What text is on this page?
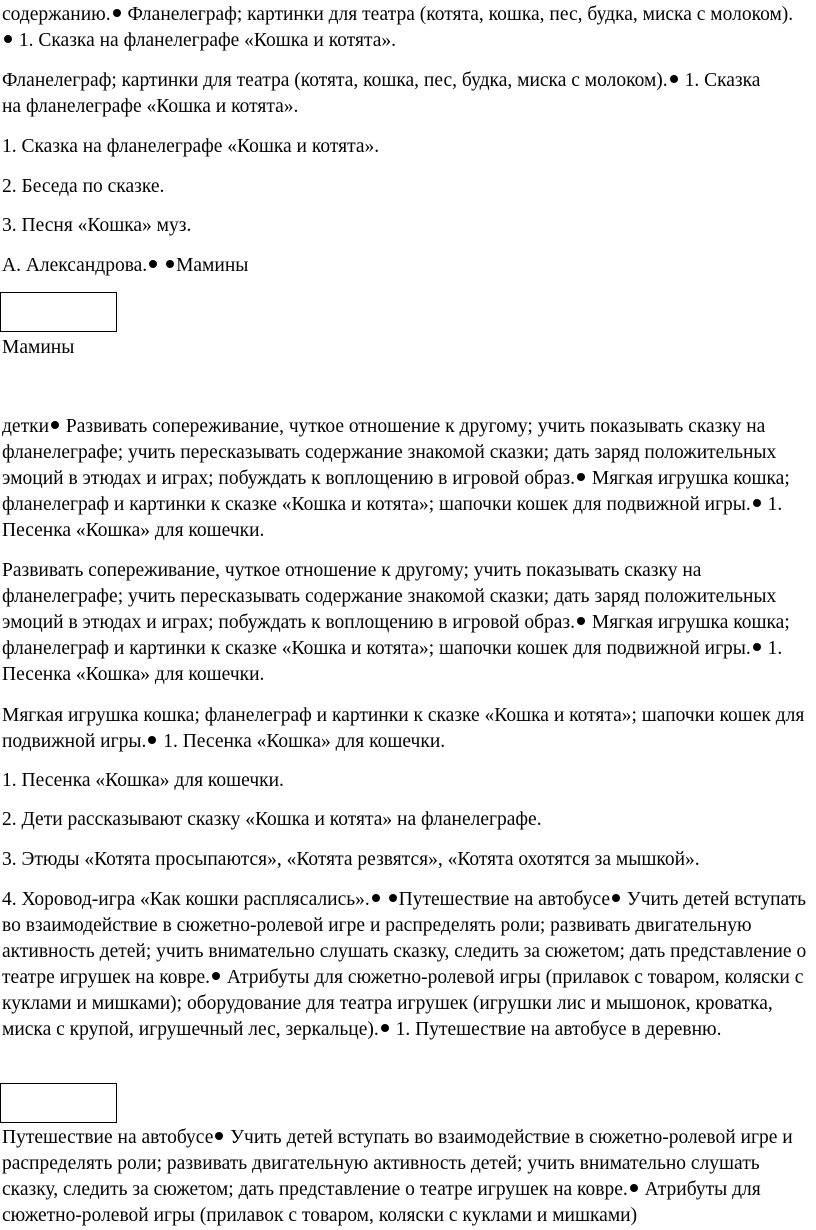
содержанию. Фланелеграф; картинки для театра (котята, кошка, пес, будка, миска с молоком). 1. Сказка на фланелеграфе «Кошка и котята».

Фланелеграф; картинки для театра (котята, кошка, пес, будка, миска с молоком). 1. Сказка на фланелеграфе «Кошка и котята».

1. Сказка на фланелеграфе «Кошка и котята».

2. Беседа по сказке.

3. Песня «Кошка» муз.

А. Александрова. Мамины

Мамины

детки Развивать сопереживание, чуткое отношение к другому; учить показывать сказку на фланелеграфе; учить пересказывать содержание знакомой сказки; дать заряд положительных эмоций в этюдах и играх; побуждать к воплощению в игровой образ. Мягкая игрушка кошка; фланелеграф и картинки к сказке «Кошка и котята»; шапочки кошек для подвижной игры. 1. Песенка «Кошка» для кошечки.

Развивать сопереживание, чуткое отношение к другому; учить показывать сказку на фланелеграфе; учить пересказывать содержание знакомой сказки; дать заряд положительных эмоций в этюдах и играх; побуждать к воплощению в игровой образ. Мягкая игрушка кошка; фланелеграф и картинки к сказке «Кошка и котята»; шапочки кошек для подвижной игры. 1. Песенка «Кошка» для кошечки.

Мягкая игрушка кошка; фланелеграф и картинки к сказке «Кошка и котята»; шапочки кошек для подвижной игры. 1. Песенка «Кошка» для кошечки.

1. Песенка «Кошка» для кошечки.

2. Дети рассказывают сказку «Кошка и котята» на фланелеграфе.

3. Этюды «Котята просыпаются», «Котята резвятся», «Котята охотятся за мышкой».

4. Хоровод-игра «Как кошки расплясались». Путешествие на автобусе Учить детей вступать во взаимодействие в сюжетно-ролевой игре и распределять роли; развивать двигательную активность детей; учить внимательно слушать сказку, следить за сюжетом; дать представление о театре игрушек на ковре. Атрибуты для сюжетно-ролевой игры (прилавок с товаром, коляски с куклами и мишками); оборудование для театра игрушек (игрушки лис и мышонок, кроватка, миска с крупой, игрушечный лес, зеркальце). 1. Путешествие на автобусе в деревню.

Путешествие на автобусе Учить детей вступать во взаимодействие в сюжетно-ролевой игре и распределять роли; развивать двигательную активность детей; учить внимательно слушать сказку, следить за сюжетом; дать представление о театре игрушек на ковре. Атрибуты для сюжетно-ролевой игры (прилавок с товаром, коляски с куклами и мишками)
